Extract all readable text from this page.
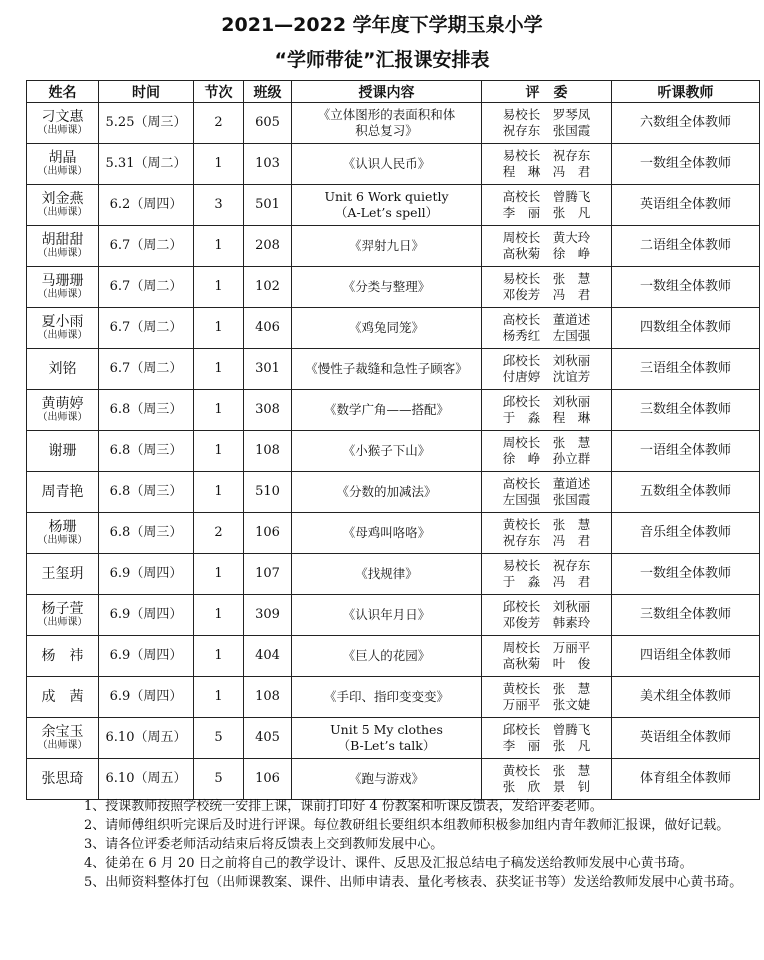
2021—2022 学年度下学期玉泉小学
“学师带徒”汇报课安排表
姓名	时间	节次	班级	授课内容	评　委	听课教师

刁文惠
（出师课）	5.25（周三）	2	605	《立体图形的表面积和体
积总复习》	易校长　罗琴凤
祝存东　张国霞	六数组全体教师

胡晶
（出师课）	5.31（周二）	1	103	《认识人民币》	易校长　祝存东
程　琳　冯　君	一数组全体教师

刘金燕
（出师课）	6.2（周四）	3	501	Unit 6 Work quietly
（A-Let’s spell）	高校长　曾腾飞
李　丽　张　凡	英语组全体教师

胡甜甜
（出师课）	6.7（周二）	1	208	《羿射九日》	周校长　黄大玲
高秋菊　徐　峥	二语组全体教师

马珊珊
（出师课）	6.7（周二）	1	102	《分类与整理》	易校长　张　慧
邓俊芳　冯　君	一数组全体教师

夏小雨
（出师课）	6.7（周二）	1	406	《鸡兔同笼》	高校长　董道述
杨秀红　左国强	四数组全体教师

刘铭	6.7（周二）	1	301	《慢性子裁缝和急性子顾客》	邱校长　刘秋丽
付唐婷　沈谊芳	三语组全体教师

黄萌婷
（出师课）	6.8（周三）	1	308	《数学广角——搭配》	邱校长　刘秋丽
于　淼　程　琳	三数组全体教师

谢珊	6.8（周三）	1	108	《小猴子下山》	周校长　张　慧
徐　峥　孙立群	一语组全体教师

周青艳	6.8（周三）	1	510	《分数的加减法》	高校长　董道述
左国强　张国霞	五数组全体教师

杨珊
（出师课）	6.8（周三）	2	106	《母鸡叫咯咯》	黄校长　张　慧
祝存东　冯　君	音乐组全体教师

王玺玥	6.9（周四）	1	107	《找规律》	易校长　祝存东
于　淼　冯　君	一数组全体教师

杨子萱
（出师课）	6.9（周四）	1	309	《认识年月日》	邱校长　刘秋丽
邓俊芳　韩素玲	三数组全体教师

杨　祎	6.9（周四）	1	404	《巨人的花园》	周校长　万丽平
高秋菊　叶　俊	四语组全体教师

成　茜	6.9（周四）	1	108	《手印、指印变变变》	黄校长　张　慧
万丽平　张文婕	美术组全体教师

余宝玉
（出师课）	6.10（周五）	5	405	Unit 5 My clothes
（B-Let’s talk）	邱校长　曾腾飞
李　丽　张　凡	英语组全体教师

张思琦	6.10（周五）	5	106	《跑与游戏》	黄校长　张　慧
张　欣　景　钊	体育组全体教师

1、授课教师按照学校统一安排上课，课前打印好 4 份教案和听课反馈表，发给评委老师。

2、请师傅组织听完课后及时进行评课。每位教研组长要组织本组教师积极参加组内青年教师汇报课，做好记载。

3、请各位评委老师活动结束后将反馈表上交到教师发展中心。

4、徒弟在 6 月 20 日之前将自己的教学设计、课件、反思及汇报总结电子稿发送给教师发展中心黄书琦。

5、出师资料整体打包（出师课教案、课件、出师申请表、量化考核表、获奖证书等）发送给教师发展中心黄书琦。
